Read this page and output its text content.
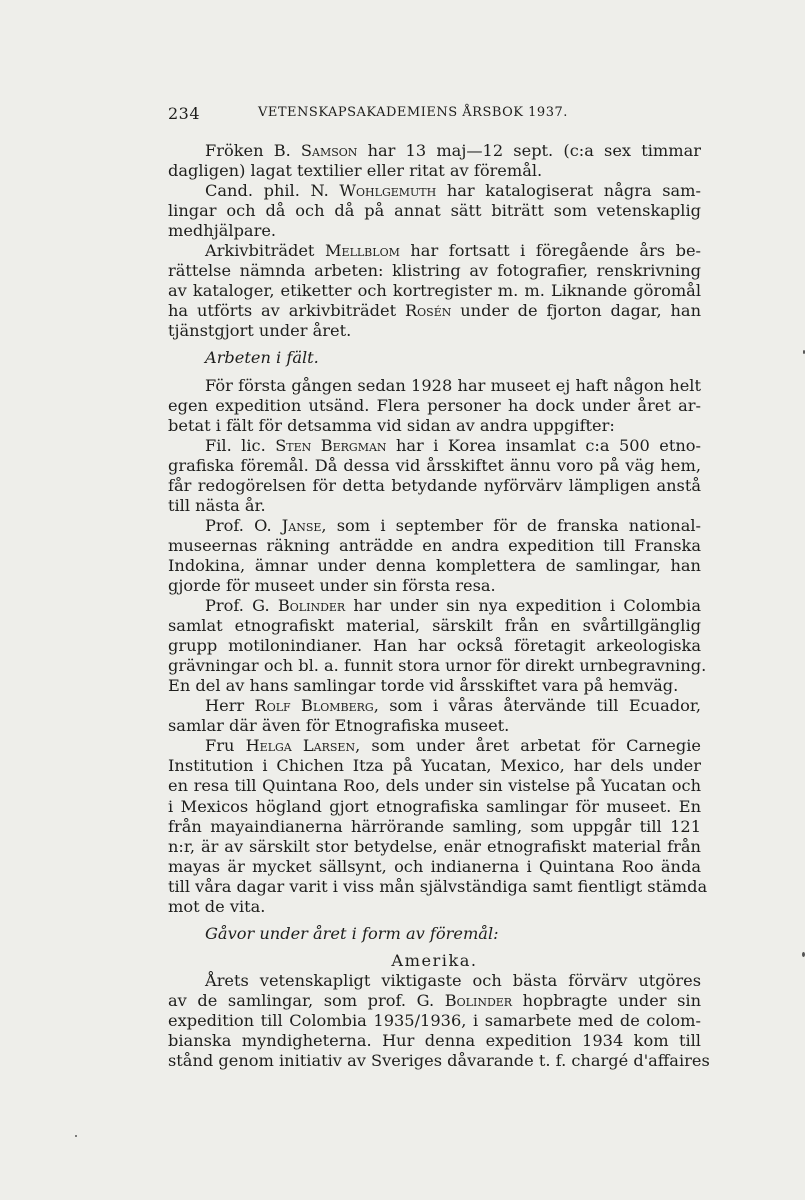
234	VETENSKAPSAKADEMIENS ÅRSBOK 1937.
Fröken B. Samson har 13 maj—12 sept. (c:a sex timmar
dagligen) lagat textilier eller ritat av föremål.
Cand. phil. N. Wohlgemuth har katalogiserat några sam-
lingar och då och då på annat sätt biträtt som vetenskaplig
medhjälpare.
Arkivbiträdet Mellblom har fortsatt i föregående års be-
rättelse nämnda arbeten: klistring av fotografier, renskrivning
av kataloger, etiketter och kortregister m. m. Liknande göromål
ha utförts av arkivbiträdet Rosén under de fjorton dagar, han
tjänstgjort under året.
Arbeten i fält.
För första gången sedan 1928 har museet ej haft någon helt
egen expedition utsänd. Flera personer ha dock under året ar-
betat i fält för detsamma vid sidan av andra uppgifter:
Fil. lic. Sten Bergman har i Korea insamlat c:a 500 etno-
grafiska föremål. Då dessa vid årsskiftet ännu voro på väg hem,
får redogörelsen för detta betydande nyförvärv lämpligen anstå
till nästa år.
Prof. O. Janse, som i september för de franska national-
museernas räkning anträdde en andra expedition till Franska
Indokina, ämnar under denna komplettera de samlingar, han
gjorde för museet under sin första resa.
Prof. G. Bolinder har under sin nya expedition i Colombia
samlat etnografiskt material, särskilt från en svårtillgänglig
grupp motilonindianer. Han har också företagit arkeologiska
grävningar och bl. a. funnit stora urnor för direkt urnbegravning.
En del av hans samlingar torde vid årsskiftet vara på hemväg.
Herr Rolf Blomberg, som i våras återvände till Ecuador,
samlar där även för Etnografiska museet.
Fru Helga Larsen, som under året arbetat för Carnegie
Institution i Chichen Itza på Yucatan, Mexico, har dels under
en resa till Quintana Roo, dels under sin vistelse på Yucatan och
i Mexicos högland gjort etnografiska samlingar för museet. En
från mayaindianerna härrörande samling, som uppgår till 121
n:r, är av särskilt stor betydelse, enär etnografiskt material från
mayas är mycket sällsynt, och indianerna i Quintana Roo ända
till våra dagar varit i viss mån självständiga samt fientligt stämda
mot de vita.
Gåvor under året i form av föremål:
Amerika.
Årets vetenskapligt viktigaste och bästa förvärv utgöres
av de samlingar, som prof. G. Bolinder hopbragte under sin
expedition till Colombia 1935/1936, i samarbete med de colom-
bianska myndigheterna. Hur denna expedition 1934 kom till
stånd genom initiativ av Sveriges dåvarande t. f. chargé d'affaires
